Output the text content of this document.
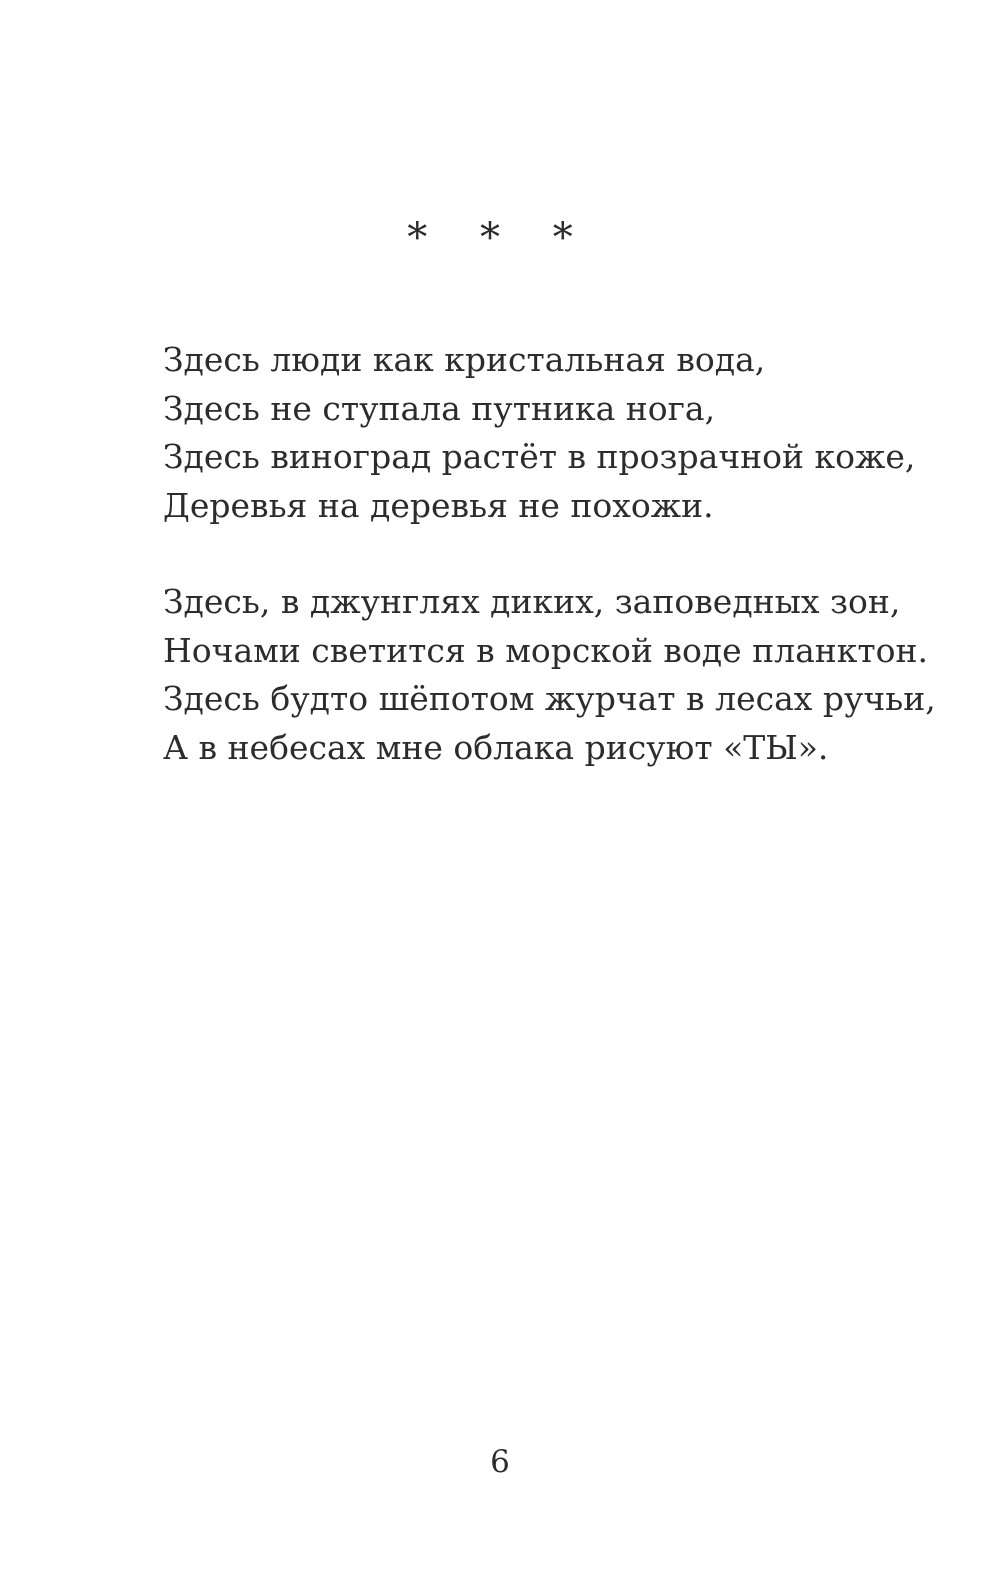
* * *
Здесь люди как кристальная вода,
Здесь не ступала путника нога,
Здесь виноград растёт в прозрачной коже,
Деревья на деревья не похожи.
Здесь, в джунглях диких, заповедных зон,
Ночами светится в морской воде планктон.
Здесь будто шёпотом журчат в лесах ручьи,
А в небесах мне облака рисуют «ТЫ».
6
